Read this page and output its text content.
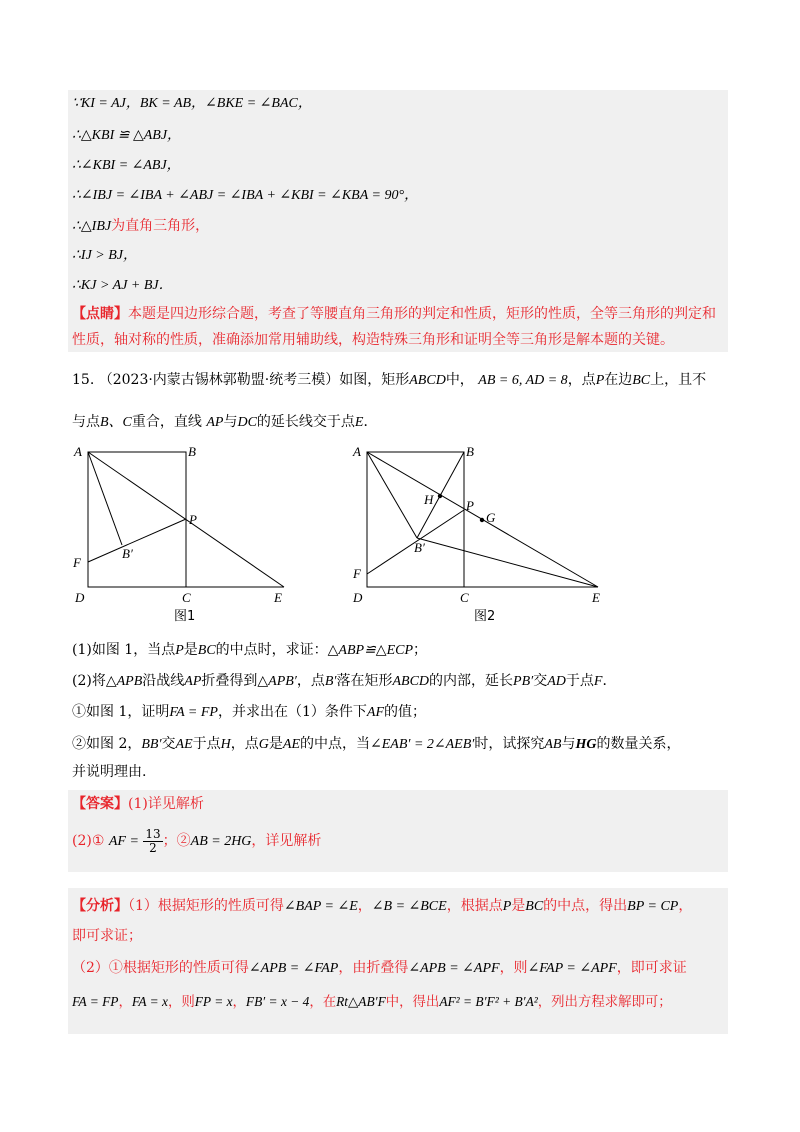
∵KI = AJ，BK = AB，∠BKE = ∠BAC，
∴△KBI ≌ △ABJ，
∴∠KBI = ∠ABJ，
∴∠IBJ = ∠IBA + ∠ABJ = ∠IBA + ∠KBI = ∠KBA = 90°，
∴△IBJ为直角三角形，
∴IJ > BJ，
∴KJ > AJ + BJ．
【点睛】本题是四边形综合题，考查了等腰直角三角形的判定和性质，矩形的性质，全等三角形的判定和
性质，轴对称的性质，准确添加常用辅助线，构造特殊三角形和证明全等三角形是解本题的关键。
15. （2023·内蒙古锡林郭勒盟·统考三模）如图，矩形ABCD中， AB = 6, AD = 8，点P在边BC上，且不
与点B、C重合，直线 AP与DC的延长线交于点E．
A	B
P
B′
F
D	C	E
图1
A	B
H	P
G
B′
F
D	C	E
图2
(1)如图 1，当点P是BC的中点时，求证：△ABP≌△ECP；
(2)将△APB沿战线AP折叠得到△APB′，点B′落在矩形ABCD的内部，延长PB′交AD于点F．
①如图 1，证明FA = FP，并求出在（1）条件下AF的值；
②如图 2，BB′交AE于点H，点G是AE的中点，当∠EAB′ = 2∠AEB′时，试探究AB与HG的数量关系，
并说明理由.
【答案】(1)详见解析
(2)① AF = $\frac{13}{2}$ ；②AB = 2HG，详见解析
【分析】（1）根据矩形的性质可得∠BAP = ∠E，∠B = ∠BCE，根据点P是BC的中点，得出BP = CP，
即可求证；
（2）①根据矩形的性质可得∠APB = ∠FAP，由折叠得∠APB = ∠APF，则∠FAP = ∠APF，即可求证
FA = FP，FA = x，则FP = x，FB′ = x − 4，在Rt△AB′F中，得出AF² = B′F² + B′A²，列出方程求解即可；
